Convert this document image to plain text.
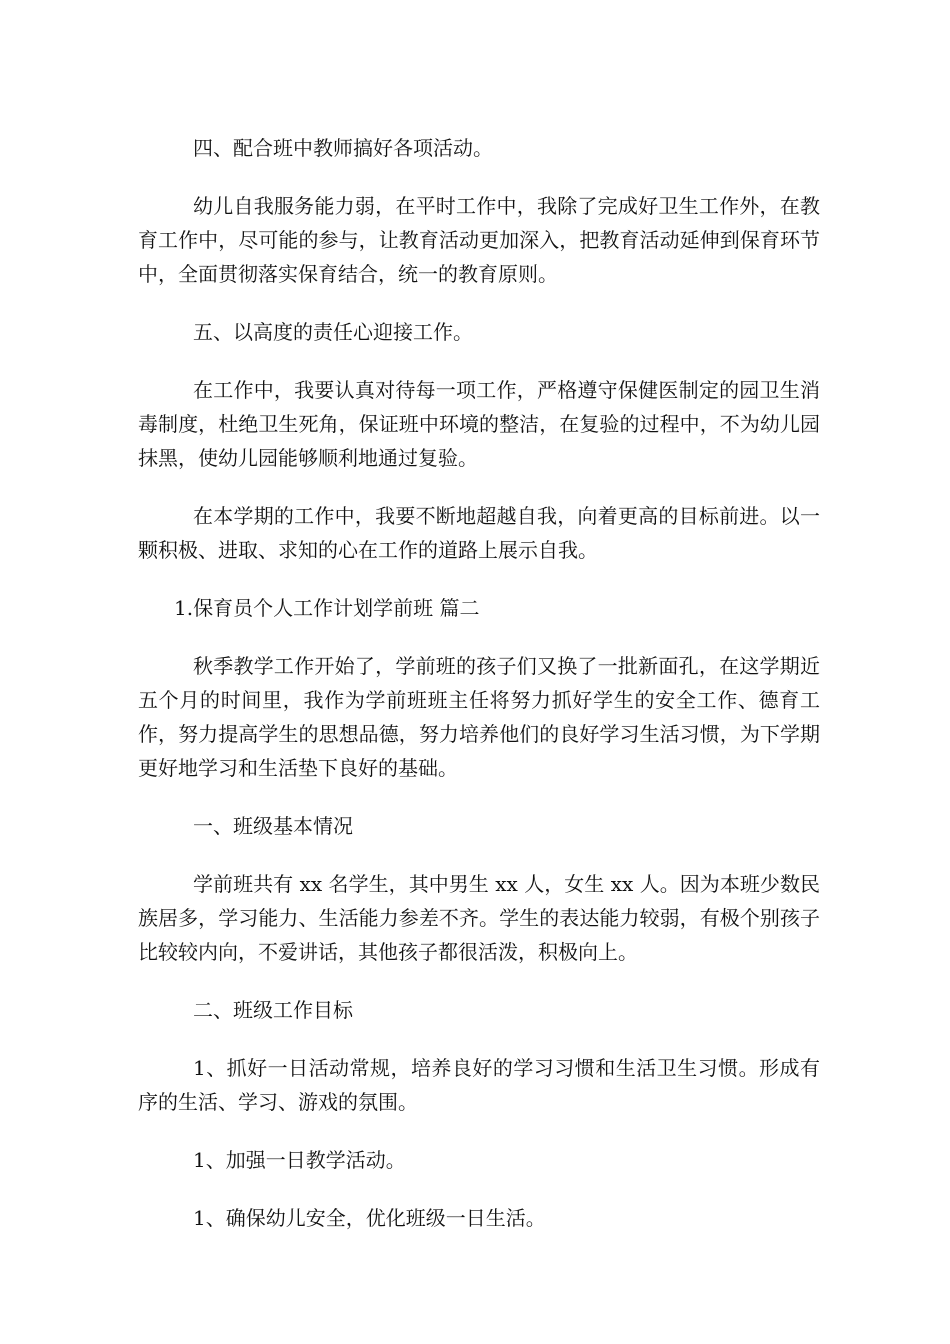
四、配合班中教师搞好各项活动。

幼儿自我服务能力弱，在平时工作中，我除了完成好卫生工作外，在教育工作中，尽可能的参与，让教育活动更加深入，把教育活动延伸到保育环节中，全面贯彻落实保育结合，统一的教育原则。

五、以高度的责任心迎接工作。

在工作中，我要认真对待每一项工作，严格遵守保健医制定的园卫生消毒制度，杜绝卫生死角，保证班中环境的整洁，在复验的过程中，不为幼儿园抹黑，使幼儿园能够顺利地通过复验。

在本学期的工作中，我要不断地超越自我，向着更高的目标前进。以一颗积极、进取、求知的心在工作的道路上展示自我。

1.保育员个人工作计划学前班 篇二

秋季教学工作开始了，学前班的孩子们又换了一批新面孔，在这学期近五个月的时间里，我作为学前班班主任将努力抓好学生的安全工作、德育工作，努力提高学生的思想品德，努力培养他们的良好学习生活习惯，为下学期更好地学习和生活垫下良好的基础。

一、班级基本情况

学前班共有 xx 名学生，其中男生 xx 人，女生 xx 人。因为本班少数民族居多，学习能力、生活能力参差不齐。学生的表达能力较弱，有极个别孩子比较较内向，不爱讲话，其他孩子都很活泼，积极向上。

二、班级工作目标

1、抓好一日活动常规，培养良好的学习习惯和生活卫生习惯。形成有序的生活、学习、游戏的氛围。

1、加强一日教学活动。

1、确保幼儿安全，优化班级一日生活。
